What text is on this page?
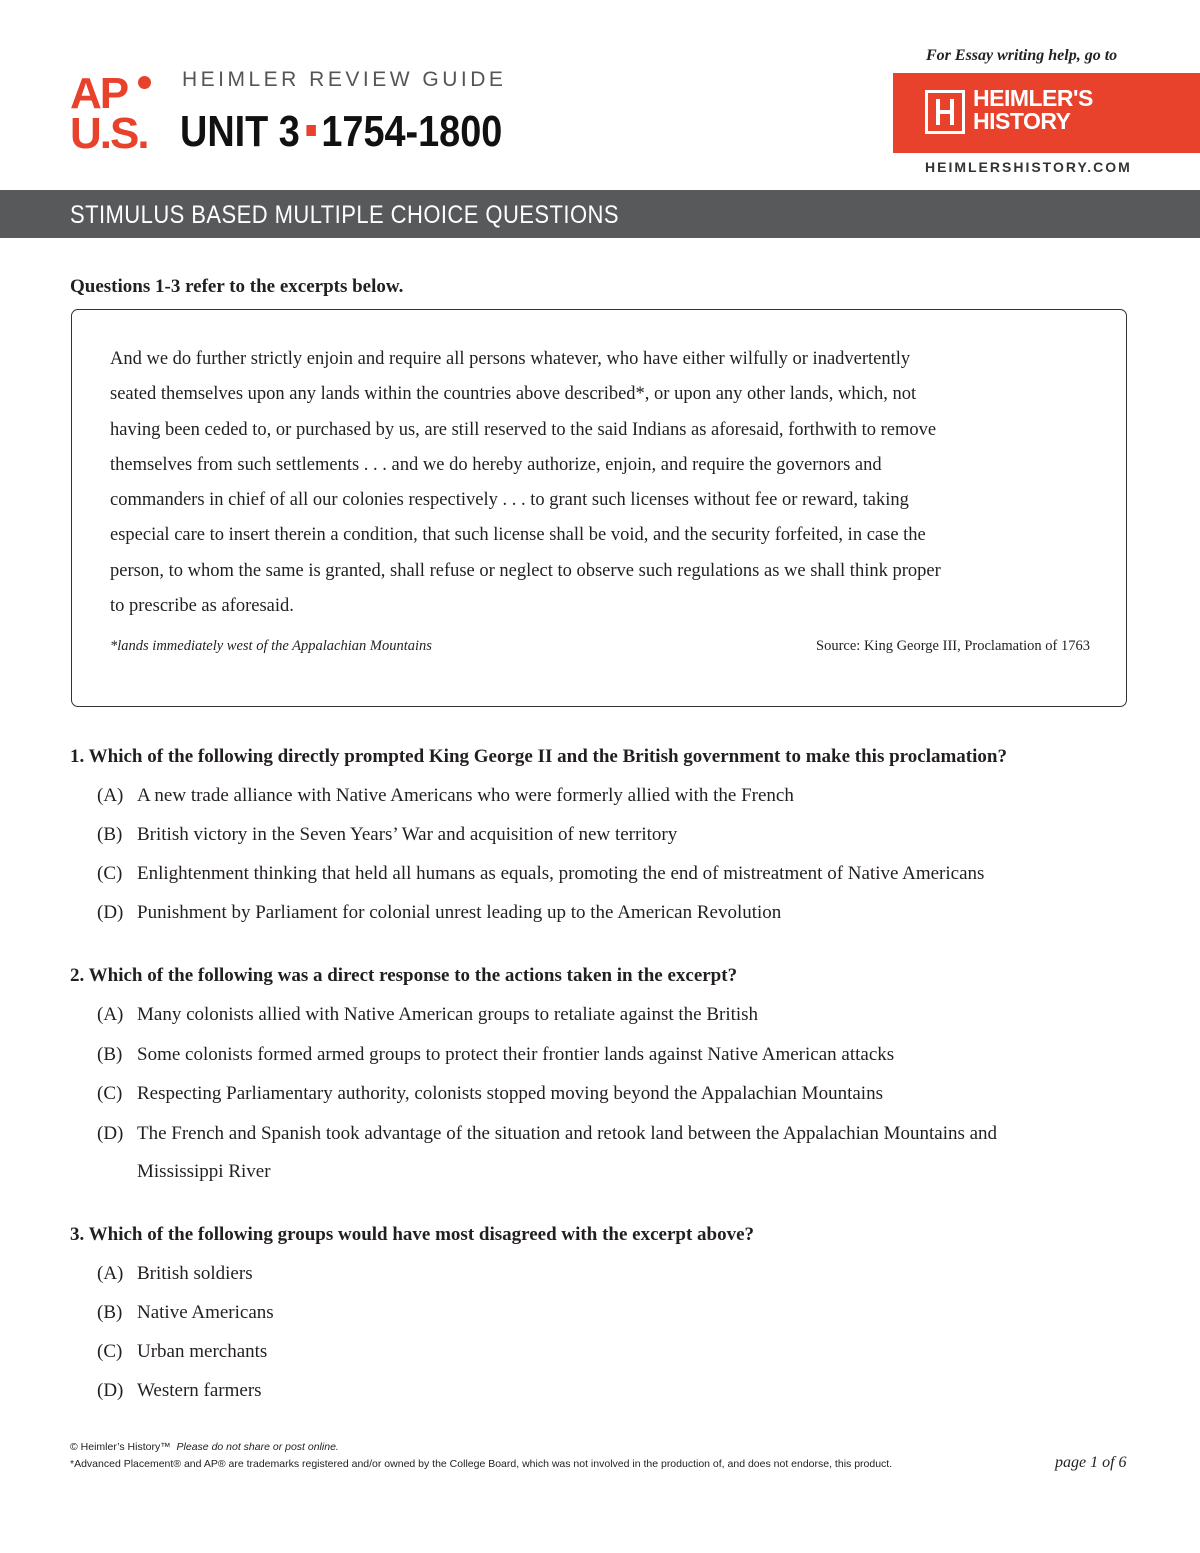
AP
U.S.
HEIMLER REVIEW GUIDE
UNIT 3 1754-1800
For Essay writing help, go to
HEIMLER'S HISTORY
HEIMLERSHISTORY.COM
STIMULUS BASED MULTIPLE CHOICE QUESTIONS
Questions 1-3 refer to the excerpts below.
And we do further strictly enjoin and require all persons whatever, who have either wilfully or inadvertently
seated themselves upon any lands within the countries above described*, or upon any other lands, which, not
having been ceded to, or purchased by us, are still reserved to the said Indians as aforesaid, forthwith to remove
themselves from such settlements . . . and we do hereby authorize, enjoin, and require the governors and
commanders in chief of all our colonies respectively . . . to grant such licenses without fee or reward, taking
especial care to insert therein a condition, that such license shall be void, and the security forfeited, in case the
person, to whom the same is granted, shall refuse or neglect to observe such regulations as we shall think proper
to prescribe as aforesaid.
*lands immediately west of the Appalachian Mountains	Source: King George III, Proclamation of 1763
1. Which of the following directly prompted King George II and the British government to make this proclamation?
(A) A new trade alliance with Native Americans who were formerly allied with the French
(B) British victory in the Seven Years’ War and acquisition of new territory
(C) Enlightenment thinking that held all humans as equals, promoting the end of mistreatment of Native Americans
(D) Punishment by Parliament for colonial unrest leading up to the American Revolution
2. Which of the following was a direct response to the actions taken in the excerpt?
(A) Many colonists allied with Native American groups to retaliate against the British
(B) Some colonists formed armed groups to protect their frontier lands against Native American attacks
(C) Respecting Parliamentary authority, colonists stopped moving beyond the Appalachian Mountains
(D) The French and Spanish took advantage of the situation and retook land between the Appalachian Mountains and
Mississippi River
3. Which of the following groups would have most disagreed with the excerpt above?
(A) British soldiers
(B) Native Americans
(C) Urban merchants
(D) Western farmers
© Heimler’s History™ Please do not share or post online.
*Advanced Placement® and AP® are trademarks registered and/or owned by the College Board, which was not involved in the production of, and does not endorse, this product.	page 1 of 6
